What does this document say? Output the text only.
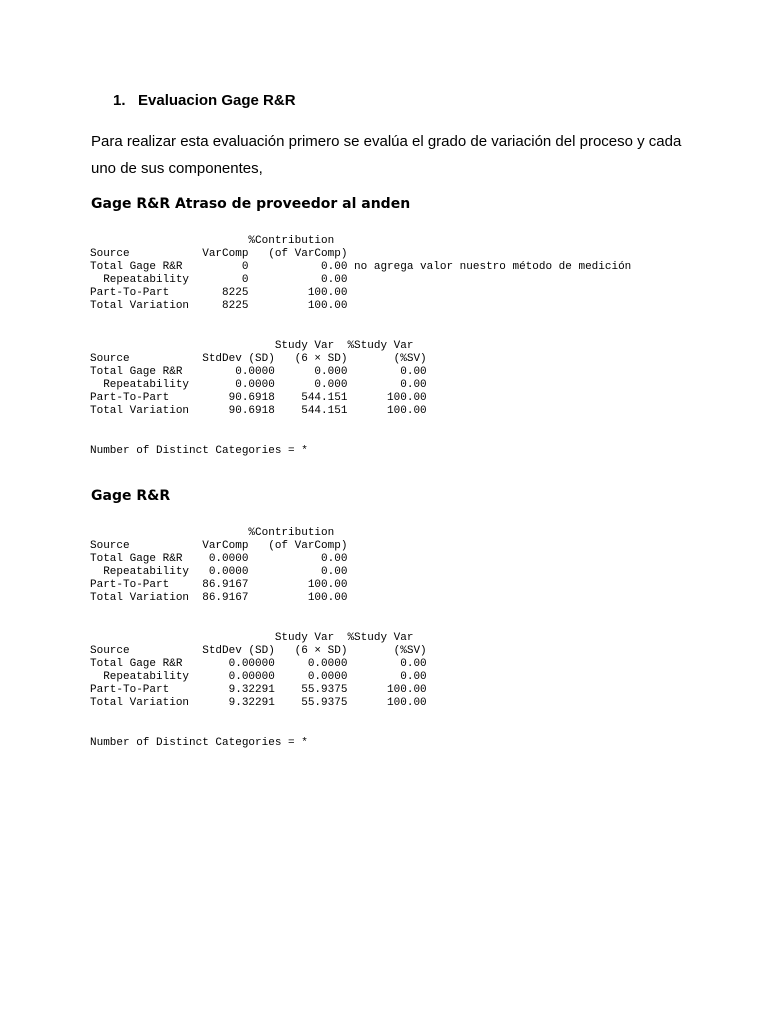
1.   Evaluacion Gage R&R
Para realizar esta evaluación primero se evalúa el grado de variación del proceso y cada
uno de sus componentes,
Gage R&R Atraso de proveedor al anden
%Contribution
Source           VarComp   (of VarComp)
Total Gage R&R         0           0.00 no agrega valor nuestro método de medición
Repeatability        0           0.00
Part-To-Part        8225         100.00
Total Variation     8225         100.00
Study Var  %Study Var
Source           StdDev (SD)   (6 × SD)       (%SV)
Total Gage R&R        0.0000      0.000        0.00
Repeatability       0.0000      0.000        0.00
Part-To-Part         90.6918    544.151      100.00
Total Variation      90.6918    544.151      100.00
Number of Distinct Categories = *
Gage R&R
%Contribution
Source           VarComp   (of VarComp)
Total Gage R&R    0.0000           0.00
Repeatability   0.0000           0.00
Part-To-Part     86.9167         100.00
Total Variation  86.9167         100.00
Study Var  %Study Var
Source           StdDev (SD)   (6 × SD)       (%SV)
Total Gage R&R       0.00000     0.0000        0.00
Repeatability      0.00000     0.0000        0.00
Part-To-Part         9.32291    55.9375      100.00
Total Variation      9.32291    55.9375      100.00
Number of Distinct Categories = *
